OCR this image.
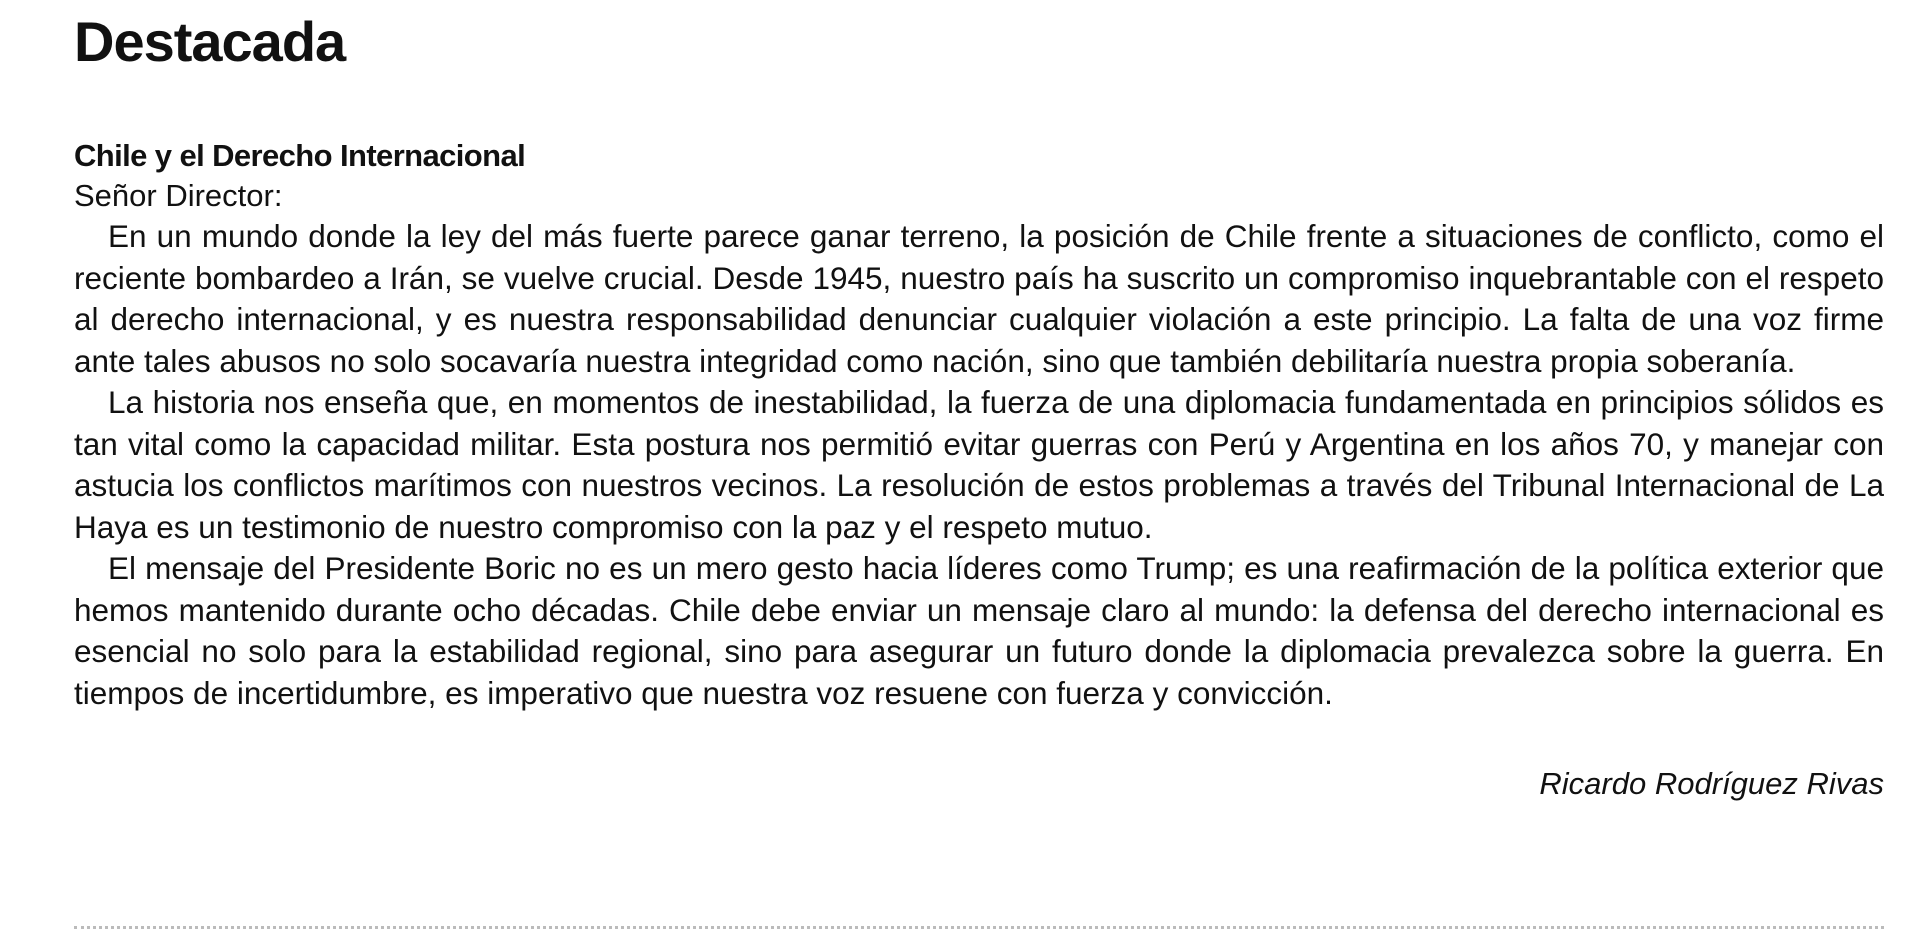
Destacada
Chile y el Derecho Internacional

Señor Director:

En un mundo donde la ley del más fuerte parece ganar terreno, la posición de Chile frente a situaciones de conflicto, como el reciente bombardeo a Irán, se vuelve crucial. Desde 1945, nuestro país ha suscrito un compromiso inquebrantable con el respeto al derecho internacional, y es nuestra responsabilidad denunciar cualquier violación a este principio. La falta de una voz firme ante tales abusos no solo socavaría nuestra integridad como nación, sino que también debilitaría nuestra propia soberanía.

La historia nos enseña que, en momentos de inestabilidad, la fuerza de una diplomacia fundamentada en principios sólidos es tan vital como la capacidad militar. Esta postura nos permitió evitar guerras con Perú y Argentina en los años 70, y manejar con astucia los conflictos marítimos con nuestros vecinos. La resolución de estos problemas a través del Tribunal Internacional de La Haya es un testimonio de nuestro compromiso con la paz y el respeto mutuo.

El mensaje del Presidente Boric no es un mero gesto hacia líderes como Trump; es una reafirmación de la política exterior que hemos mantenido durante ocho décadas. Chile debe enviar un mensaje claro al mundo: la defensa del derecho internacional es esencial no solo para la estabilidad regional, sino para asegurar un futuro donde la diplomacia prevalezca sobre la guerra. En tiempos de incertidumbre, es imperativo que nuestra voz resuene con fuerza y convicción.

Ricardo Rodríguez Rivas
